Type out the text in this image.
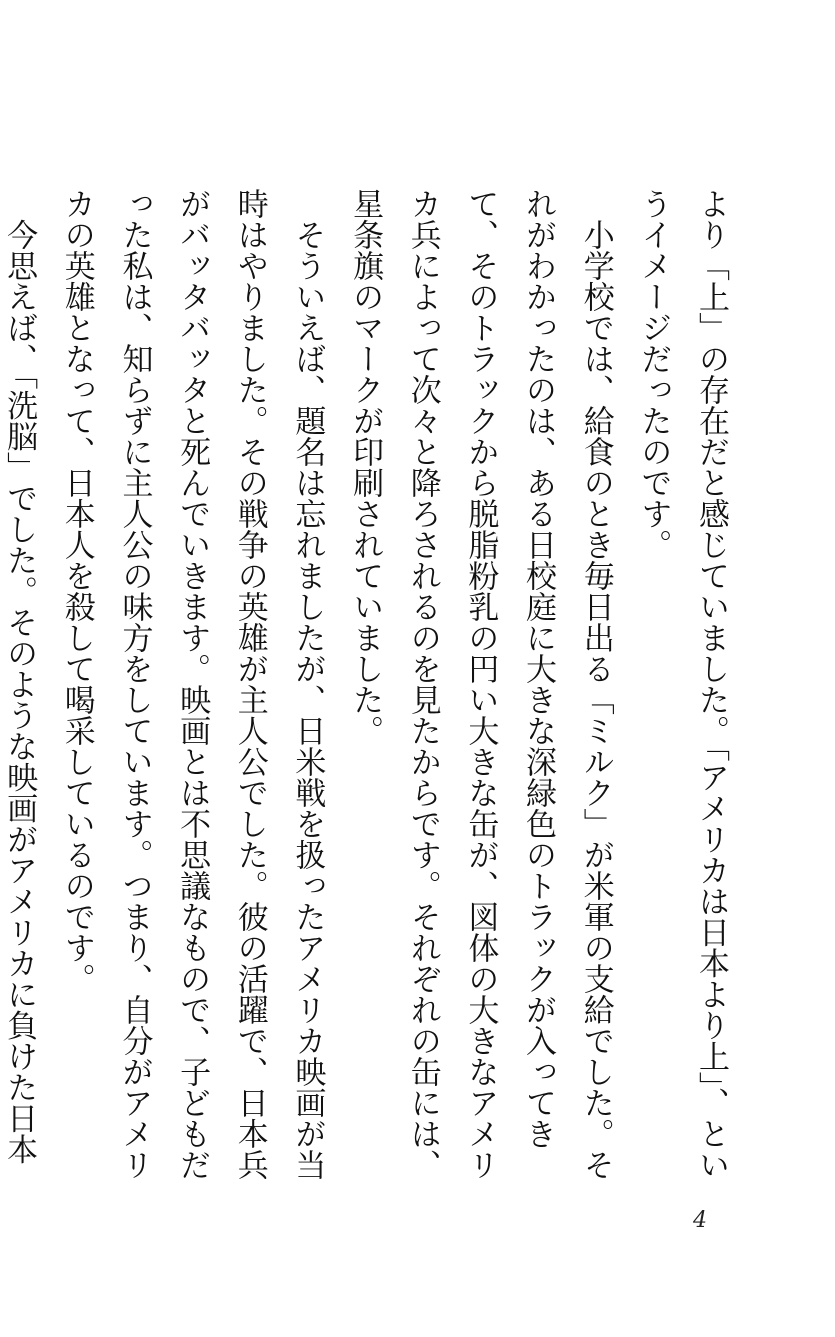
より「上」の存在だと感じていました。「アメリカは日本より上」、というイメージだったのです。

小学校では、給食のとき毎日出る「ミルク」が米軍の支給でした。それがわかったのは、ある日校庭に大きな深緑色のトラックが入ってきて、そのトラックから脱脂粉乳の円い大きな缶が、図体の大きなアメリカ兵によって次々と降ろされるのを見たからです。それぞれの缶には、星条旗のマークが印刷されていました。

そういえば、題名は忘れましたが、日米戦を扱ったアメリカ映画が当時はやりました。その戦争の英雄が主人公でした。彼の活躍で、日本兵がバッタバッタと死んでいきます。映画とは不思議なもので、子どもだった私は、知らずに主人公の味方をしています。つまり、自分がアメリカの英雄となって、日本人を殺して喝采しているのです。

今思えば、「洗脳」でした。そのような映画がアメリカに負けた日本

4
